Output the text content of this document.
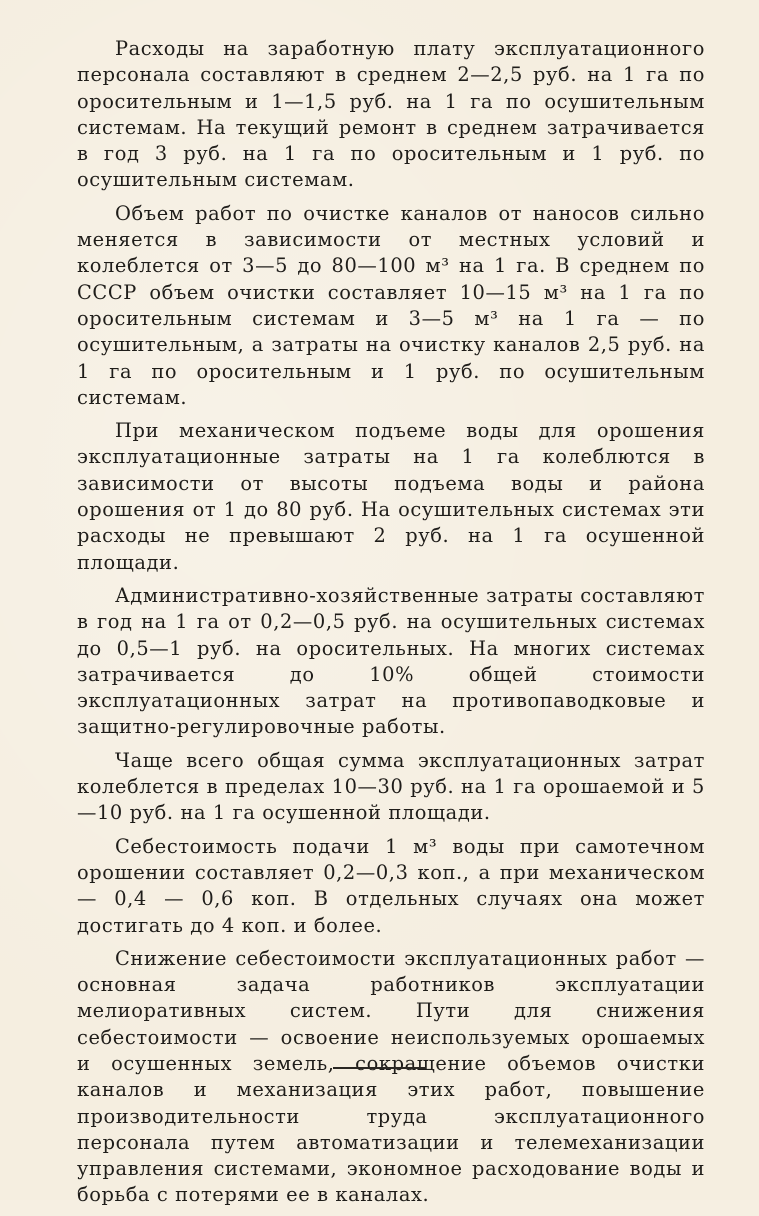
Расходы на заработную плату эксплуатационного персонала составляют в среднем 2—2,5 руб. на 1 га по оросительным и 1—1,5 руб. на 1 га по осушительным системам. На текущий ремонт в среднем затрачивается в год 3 руб. на 1 га по оросительным и 1 руб. по осушительным системам.

Объем работ по очистке каналов от наносов сильно меняется в зависимости от местных условий и колеблется от 3—5 до 80—100 м³ на 1 га. В среднем по СССР объем очистки составляет 10—15 м³ на 1 га по оросительным системам и 3—5 м³ на 1 га — по осушительным, а затраты на очистку каналов 2,5 руб. на 1 га по оросительным и 1 руб. по осушительным системам.

При механическом подъеме воды для орошения эксплуатационные затраты на 1 га колеблются в зависимости от высоты подъема воды и района орошения от 1 до 80 руб. На осушительных системах эти расходы не превышают 2 руб. на 1 га осушенной площади.

Административно-хозяйственные затраты составляют в год на 1 га от 0,2—0,5 руб. на осушительных системах до 0,5—1 руб. на оросительных. На многих системах затрачивается до 10% общей стоимости эксплуатационных затрат на противопаводковые и защитно-регулировочные работы.

Чаще всего общая сумма эксплуатационных затрат колеблется в пределах 10—30 руб. на 1 га орошаемой и 5—10 руб. на 1 га осушенной площади.

Себестоимость подачи 1 м³ воды при самотечном орошении составляет 0,2—0,3 коп., а при механическом — 0,4 — 0,6 коп. В отдельных случаях она может достигать до 4 коп. и более.

Снижение себестоимости эксплуатационных работ — основная задача работников эксплуатации мелиоративных систем. Пути для снижения себестоимости — освоение неиспользуемых орошаемых и осушенных земель, сокращение объемов очистки каналов и механизация этих работ, повышение производительности труда эксплуатационного персонала путем автоматизации и телемеханизации управления системами, экономное расходование воды и борьба с потерями ее в каналах.
